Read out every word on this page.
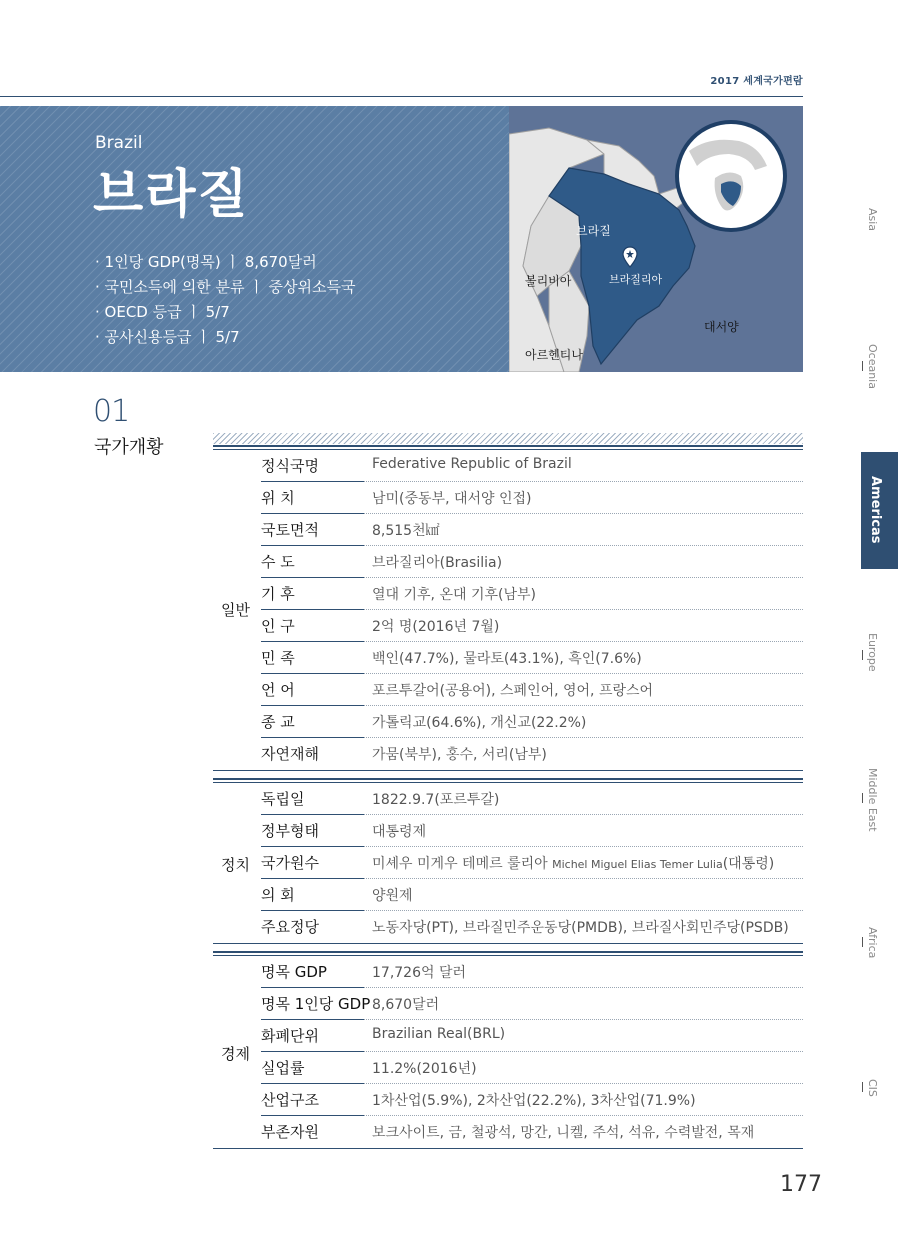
2017 세계국가편람
Brazil
브라질
· 1인당 GDP(명목) ㅣ 8,670달러
· 국민소득에 의한 분류 ㅣ 중상위소득국
· OECD 등급 ㅣ 5/7
· 공사신용등급 ㅣ 5/7
브라질
볼리비아	브라질리아
대서양
아르헨티나
01
국가개황
일반
정식국명	Federative Republic of Brazil
위 치	남미(중동부, 대서양 인접)
국토면적	8,515천㎢
수 도	브라질리아(Brasilia)
기 후	열대 기후, 온대 기후(남부)
인 구	2억 명(2016년 7월)
민 족	백인(47.7%), 물라토(43.1%), 흑인(7.6%)
언 어	포르투갈어(공용어), 스페인어, 영어, 프랑스어
종 교	가톨릭교(64.6%), 개신교(22.2%)
자연재해	가뭄(북부), 홍수, 서리(남부)
정치
독립일	1822.9.7(포르투갈)
정부형태	대통령제
국가원수	미셰우 미게우 테메르 룰리아 Michel Miguel Elias Temer Lulia(대통령)
의 회	양원제
주요정당	노동자당(PT), 브라질민주운동당(PMDB), 브라질사회민주당(PSDB)
경제
명목 GDP	17,726억 달러
명목 1인당 GDP 8,670달러
화폐단위	Brazilian Real(BRL)
실업률	11.2%(2016년)
산업구조	1차산업(5.9%), 2차산업(22.2%), 3차산업(71.9%)
부존자원	보크사이트, 금, 철광석, 망간, 니켈, 주석, 석유, 수력발전, 목재
Asia
Oceania
Europe
Middle East
Africa
CIS
Americas
177
